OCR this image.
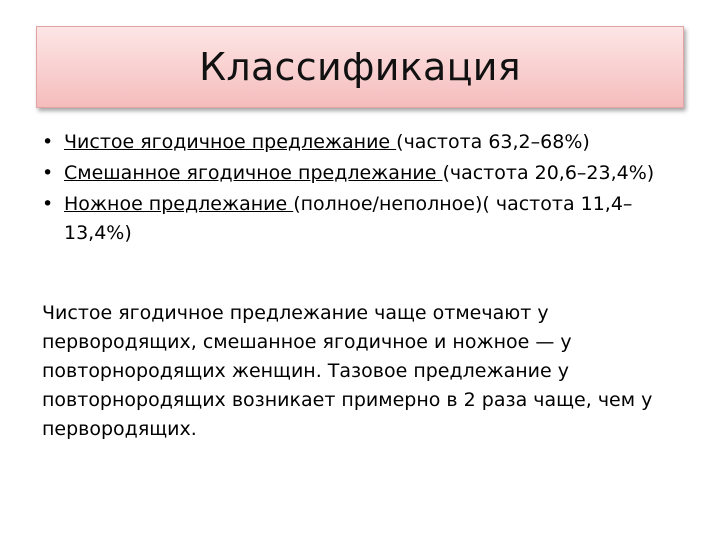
Классификация
• Чистое ягодичное предлежание (частота 63,2–68%)
• Смешанное ягодичное предлежание (частота 20,6–23,4%)
• Ножное предлежание (полное/неполное)( частота 11,4–13,4%)

Чистое ягодичное предлежание чаще отмечают у первородящих, смешанное ягодичное и ножное — у повторнородящих женщин. Тазовое предлежание у повторнородящих возникает примерно в 2 раза чаще, чем у первородящих.
